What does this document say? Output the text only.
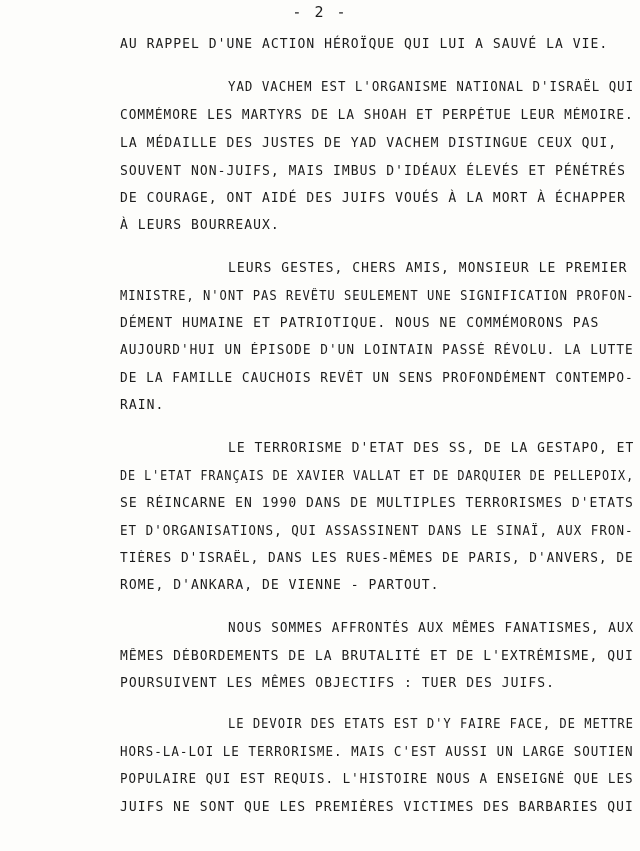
- 2 -
AU RAPPEL D'UNE ACTION HÉROÏQUE QUI LUI A SAUVÉ LA VIE.
YAD VACHEM EST L'ORGANISME NATIONAL D'ISRAËL QUI
COMMÉMORE LES MARTYRS DE LA SHOAH ET PERPÉTUE LEUR MÉMOIRE.
LA MÉDAILLE DES JUSTES DE YAD VACHEM DISTINGUE CEUX QUI,
SOUVENT NON-JUIFS, MAIS IMBUS D'IDÉAUX ÉLEVÉS ET PÉNÉTRÉS
DE COURAGE, ONT AIDÉ DES JUIFS VOUÉS À LA MORT À ÉCHAPPER
À LEURS BOURREAUX.
LEURS GESTES, CHERS AMIS, MONSIEUR LE PREMIER
MINISTRE, N'ONT PAS REVÊTU SEULEMENT UNE SIGNIFICATION PROFON-
DÉMENT HUMAINE ET PATRIOTIQUE. NOUS NE COMMÉMORONS PAS
AUJOURD'HUI UN ÉPISODE D'UN LOINTAIN PASSÉ RÉVOLU. LA LUTTE
DE LA FAMILLE CAUCHOIS REVÊT UN SENS PROFONDÉMENT CONTEMPO-
RAIN.
LE TERRORISME D'ETAT DES SS, DE LA GESTAPO, ET
DE L'ETAT FRANÇAIS DE XAVIER VALLAT ET DE DARQUIER DE PELLEPOIX,
SE RÉINCARNE EN 1990 DANS DE MULTIPLES TERRORISMES D'ETATS
ET D'ORGANISATIONS, QUI ASSASSINENT DANS LE SINAÏ, AUX FRON-
TIÈRES D'ISRAËL, DANS LES RUES-MÊMES DE PARIS, D'ANVERS, DE
ROME, D'ANKARA, DE VIENNE - PARTOUT.
NOUS SOMMES AFFRONTÉS AUX MÊMES FANATISMES, AUX
MÊMES DÉBORDEMENTS DE LA BRUTALITÉ ET DE L'EXTRÉMISME, QUI
POURSUIVENT LES MÊMES OBJECTIFS : TUER DES JUIFS.
LE DEVOIR DES ETATS EST D'Y FAIRE FACE, DE METTRE
HORS-LA-LOI LE TERRORISME. MAIS C'EST AUSSI UN LARGE SOUTIEN
POPULAIRE QUI EST REQUIS. L'HISTOIRE NOUS A ENSEIGNÉ QUE LES
JUIFS NE SONT QUE LES PREMIÈRES VICTIMES DES BARBARIES QUI
